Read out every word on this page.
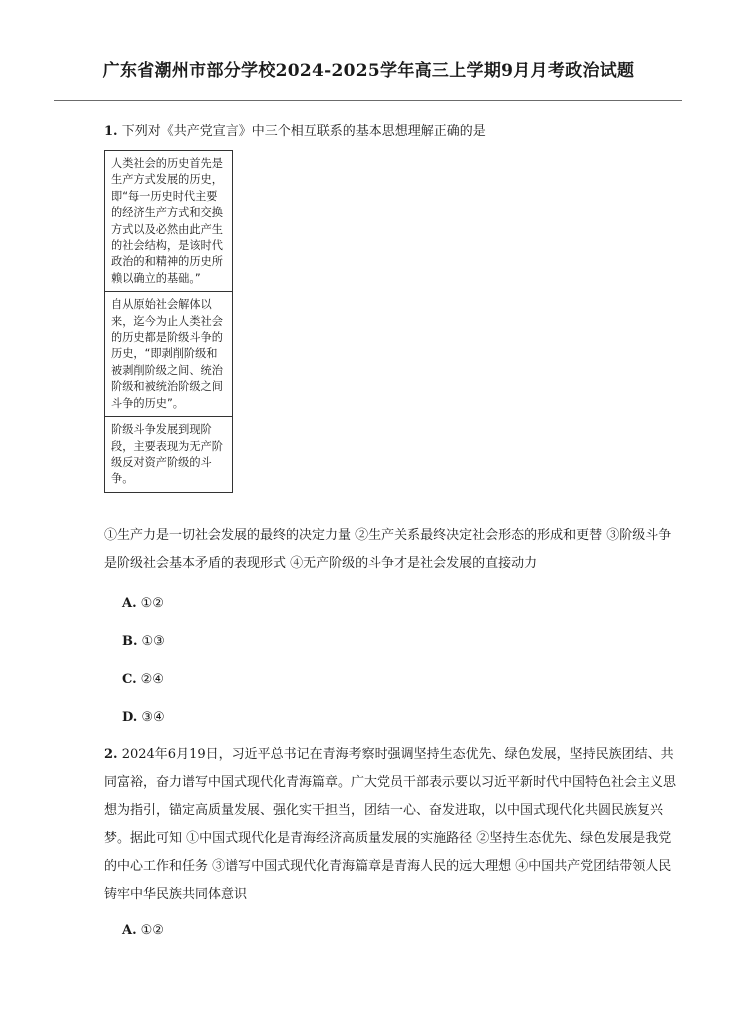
广东省潮州市部分学校2024-2025学年高三上学期9月月考政治试题
1. 下列对《共产党宣言》中三个相互联系的基本思想理解正确的是
人类社会的历史首先是生产方式发展的历史，即“每一历史时代主要的经济生产方式和交换方式以及必然由此产生的社会结构，是该时代政治的和精神的历史所赖以确立的基础。”
自从原始社会解体以来，迄今为止人类社会的历史都是阶级斗争的历史，“即剥削阶级和被剥削阶级之间、统治阶级和被统治阶级之间斗争的历史”。
阶级斗争发展到现阶段，主要表现为无产阶级反对资产阶级的斗争。
①生产力是一切社会发展的最终的决定力量 ②生产关系最终决定社会形态的形成和更替 ③阶级斗争是阶级社会基本矛盾的表现形式 ④无产阶级的斗争才是社会发展的直接动力
A. ①②
B. ①③
C. ②④
D. ③④
2. 2024年6月19日，习近平总书记在青海考察时强调坚持生态优先、绿色发展，坚持民族团结、共同富裕，奋力谱写中国式现代化青海篇章。广大党员干部表示要以习近平新时代中国特色社会主义思想为指引，锚定高质量发展、强化实干担当，团结一心、奋发进取，以中国式现代化共圆民族复兴梦。据此可知 ①中国式现代化是青海经济高质量发展的实施路径 ②坚持生态优先、绿色发展是我党的中心工作和任务 ③谱写中国式现代化青海篇章是青海人民的远大理想 ④中国共产党团结带领人民铸牢中华民族共同体意识
A. ①②
